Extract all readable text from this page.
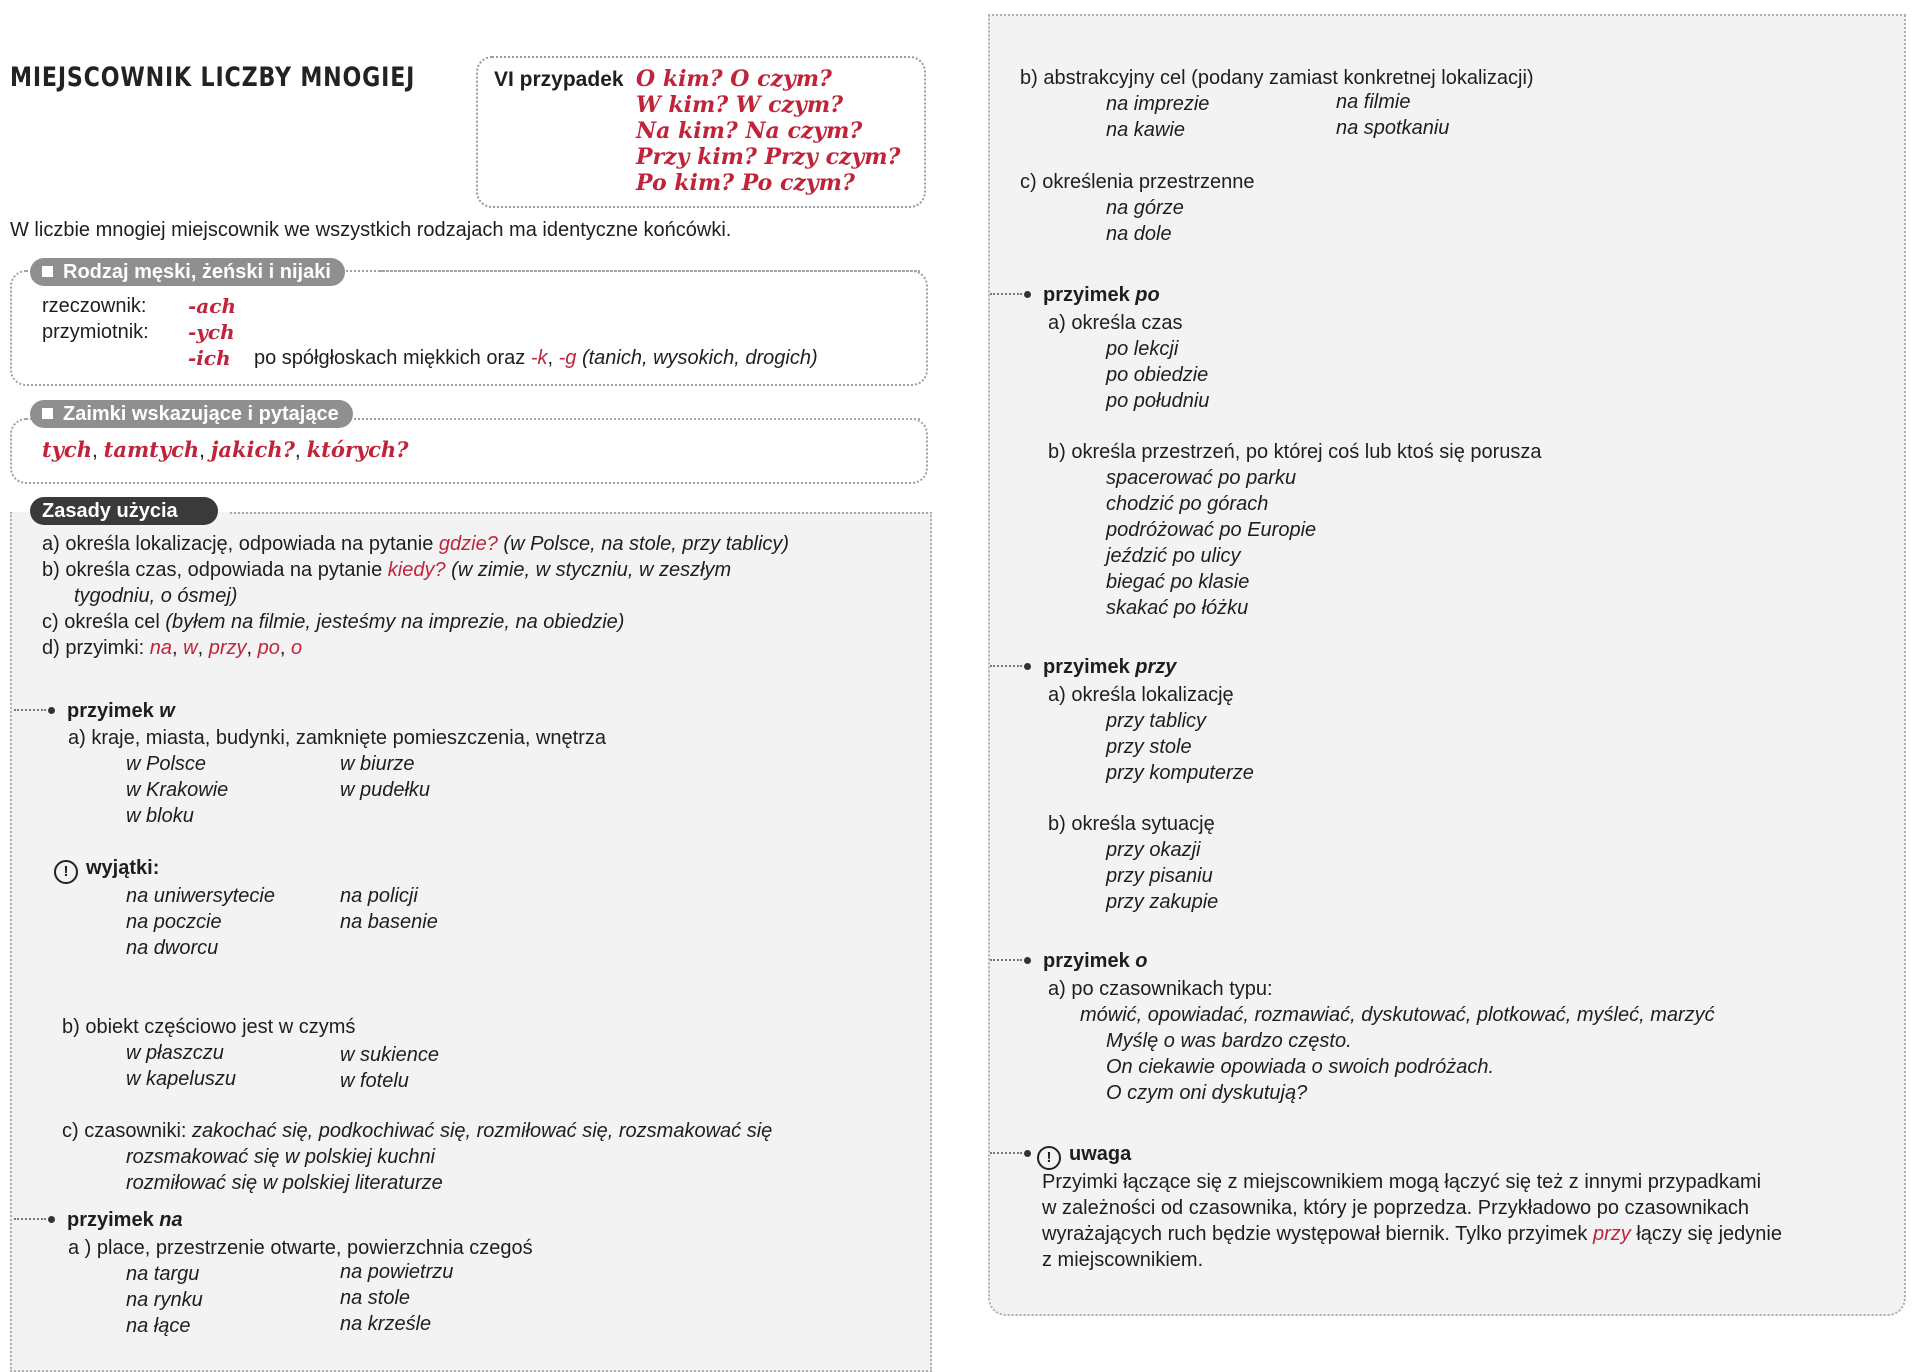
MIEJSCOWNIK LICZBY MNOGIEJ	VI przypadek O kim? O czym?
W kim? W czym?
Na kim? Na czym?
Przy kim? Przy czym?
Po kim? Po czym?
W liczbie mnogiej miejscownik we wszystkich rodzajach ma identyczne końcówki.
Rodzaj męski, żeński i nijaki
rzeczownik: -ach
przymiotnik: -ych
-ich po spółgłoskach miękkich oraz -k, -g (tanich, wysokich, drogich)
Zaimki wskazujące i pytające
tych, tamtych, jakich?, których?
Zasady użycia
a) określa lokalizację, odpowiada na pytanie gdzie? (w Polsce, na stole, przy tablicy)
b) określa czas, odpowiada na pytanie kiedy? (w zimie, w styczniu, w zeszłym
tygodniu, o ósmej)
c) określa cel (byłem na filmie, jesteśmy na imprezie, na obiedzie)
d) przyimki: na, w, przy, po, o
przyimek w
a) kraje, miasta, budynki, zamknięte pomieszczenia, wnętrza
w Polsce
w Krakowie
w bloku
w biurze
w pudełku
! wyjątki:
na uniwersytecie
na poczcie
na dworcu
na policji
na basenie
b) obiekt częściowo jest w czymś
w płaszczu
w kapeluszu
w sukience
w fotelu
c) czasowniki: zakochać się, podkochiwać się, rozmiłować się, rozsmakować się
rozsmakować się w polskiej kuchni
rozmiłować się w polskiej literaturze
przyimek na
a ) place, przestrzenie otwarte, powierzchnia czegoś
na targu
na rynku
na łące
na powietrzu
na stole
na krześle
b) abstrakcyjny cel (podany zamiast konkretnej lokalizacji)
na imprezie
na kawie
na filmie
na spotkaniu
c) określenia przestrzenne
na górze
na dole
przyimek po
a) określa czas
po lekcji
po obiedzie
po południu
b) określa przestrzeń, po której coś lub ktoś się porusza
spacerować po parku
chodzić po górach
podróżować po Europie
jeździć po ulicy
biegać po klasie
skakać po łóżku
przyimek przy
a) określa lokalizację
przy tablicy
przy stole
przy komputerze
b) określa sytuację
przy okazji
przy pisaniu
przy zakupie
przyimek o
a) po czasownikach typu:
mówić, opowiadać, rozmawiać, dyskutować, plotkować, myśleć, marzyć
Myślę o was bardzo często.
On ciekawie opowiada o swoich podróżach.
O czym oni dyskutują?
! uwaga
Przyimki łączące się z miejscownikiem mogą łączyć się też z innymi przypadkami
w zależności od czasownika, który je poprzedza. Przykładowo po czasownikach
wyrażających ruch będzie występował biernik. Tylko przyimek przy łączy się jedynie
z miejscownikiem.
